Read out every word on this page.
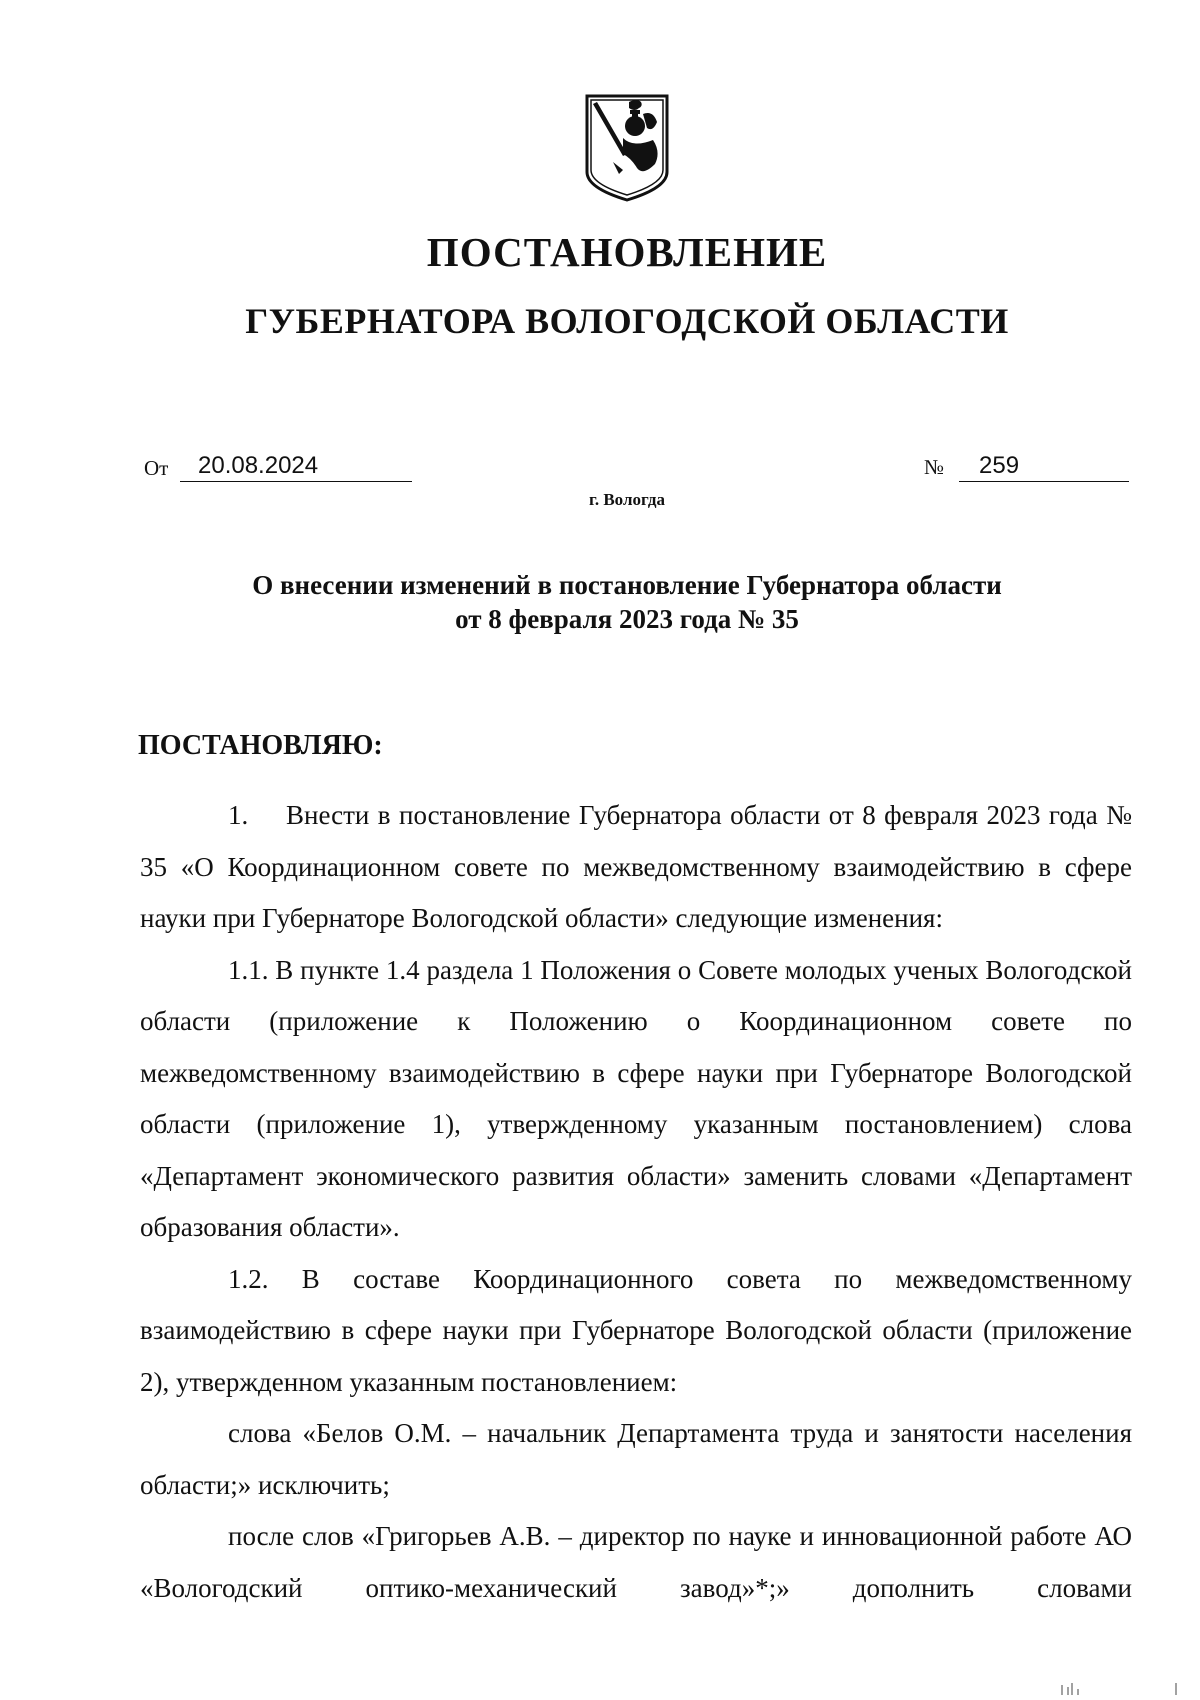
ПОСТАНОВЛЕНИЕ
ГУБЕРНАТОРА ВОЛОГОДСКОЙ ОБЛАСТИ
От	20.08.2024	№	259
г. Вологда
О внесении изменений в постановление Губернатора области
от 8 февраля 2023 года № 35
ПОСТАНОВЛЯЮ:

1. Внести в постановление Губернатора области от 8 февраля 2023 года № 35 «О Координационном совете по межведомственному взаимодействию в сфере науки при Губернаторе Вологодской области» следующие изменения:

1.1. В пункте 1.4 раздела 1 Положения о Совете молодых ученых Вологодской области (приложение к Положению о Координационном совете по межведомственному взаимодействию в сфере науки при Губернаторе Вологодской области (приложение 1), утвержденному указанным постановлением) слова «Департамент экономического развития области» заменить словами «Департамент образования области».

1.2. В составе Координационного совета по межведомственному взаимодействию в сфере науки при Губернаторе Вологодской области (приложение 2), утвержденном указанным постановлением:

слова «Белов О.М. – начальник Департамента труда и занятости населения области;» исключить;

после слов «Григорьев А.В. – директор по науке и инновационной работе АО «Вологодский оптико-механический завод»*;» дополнить словами
